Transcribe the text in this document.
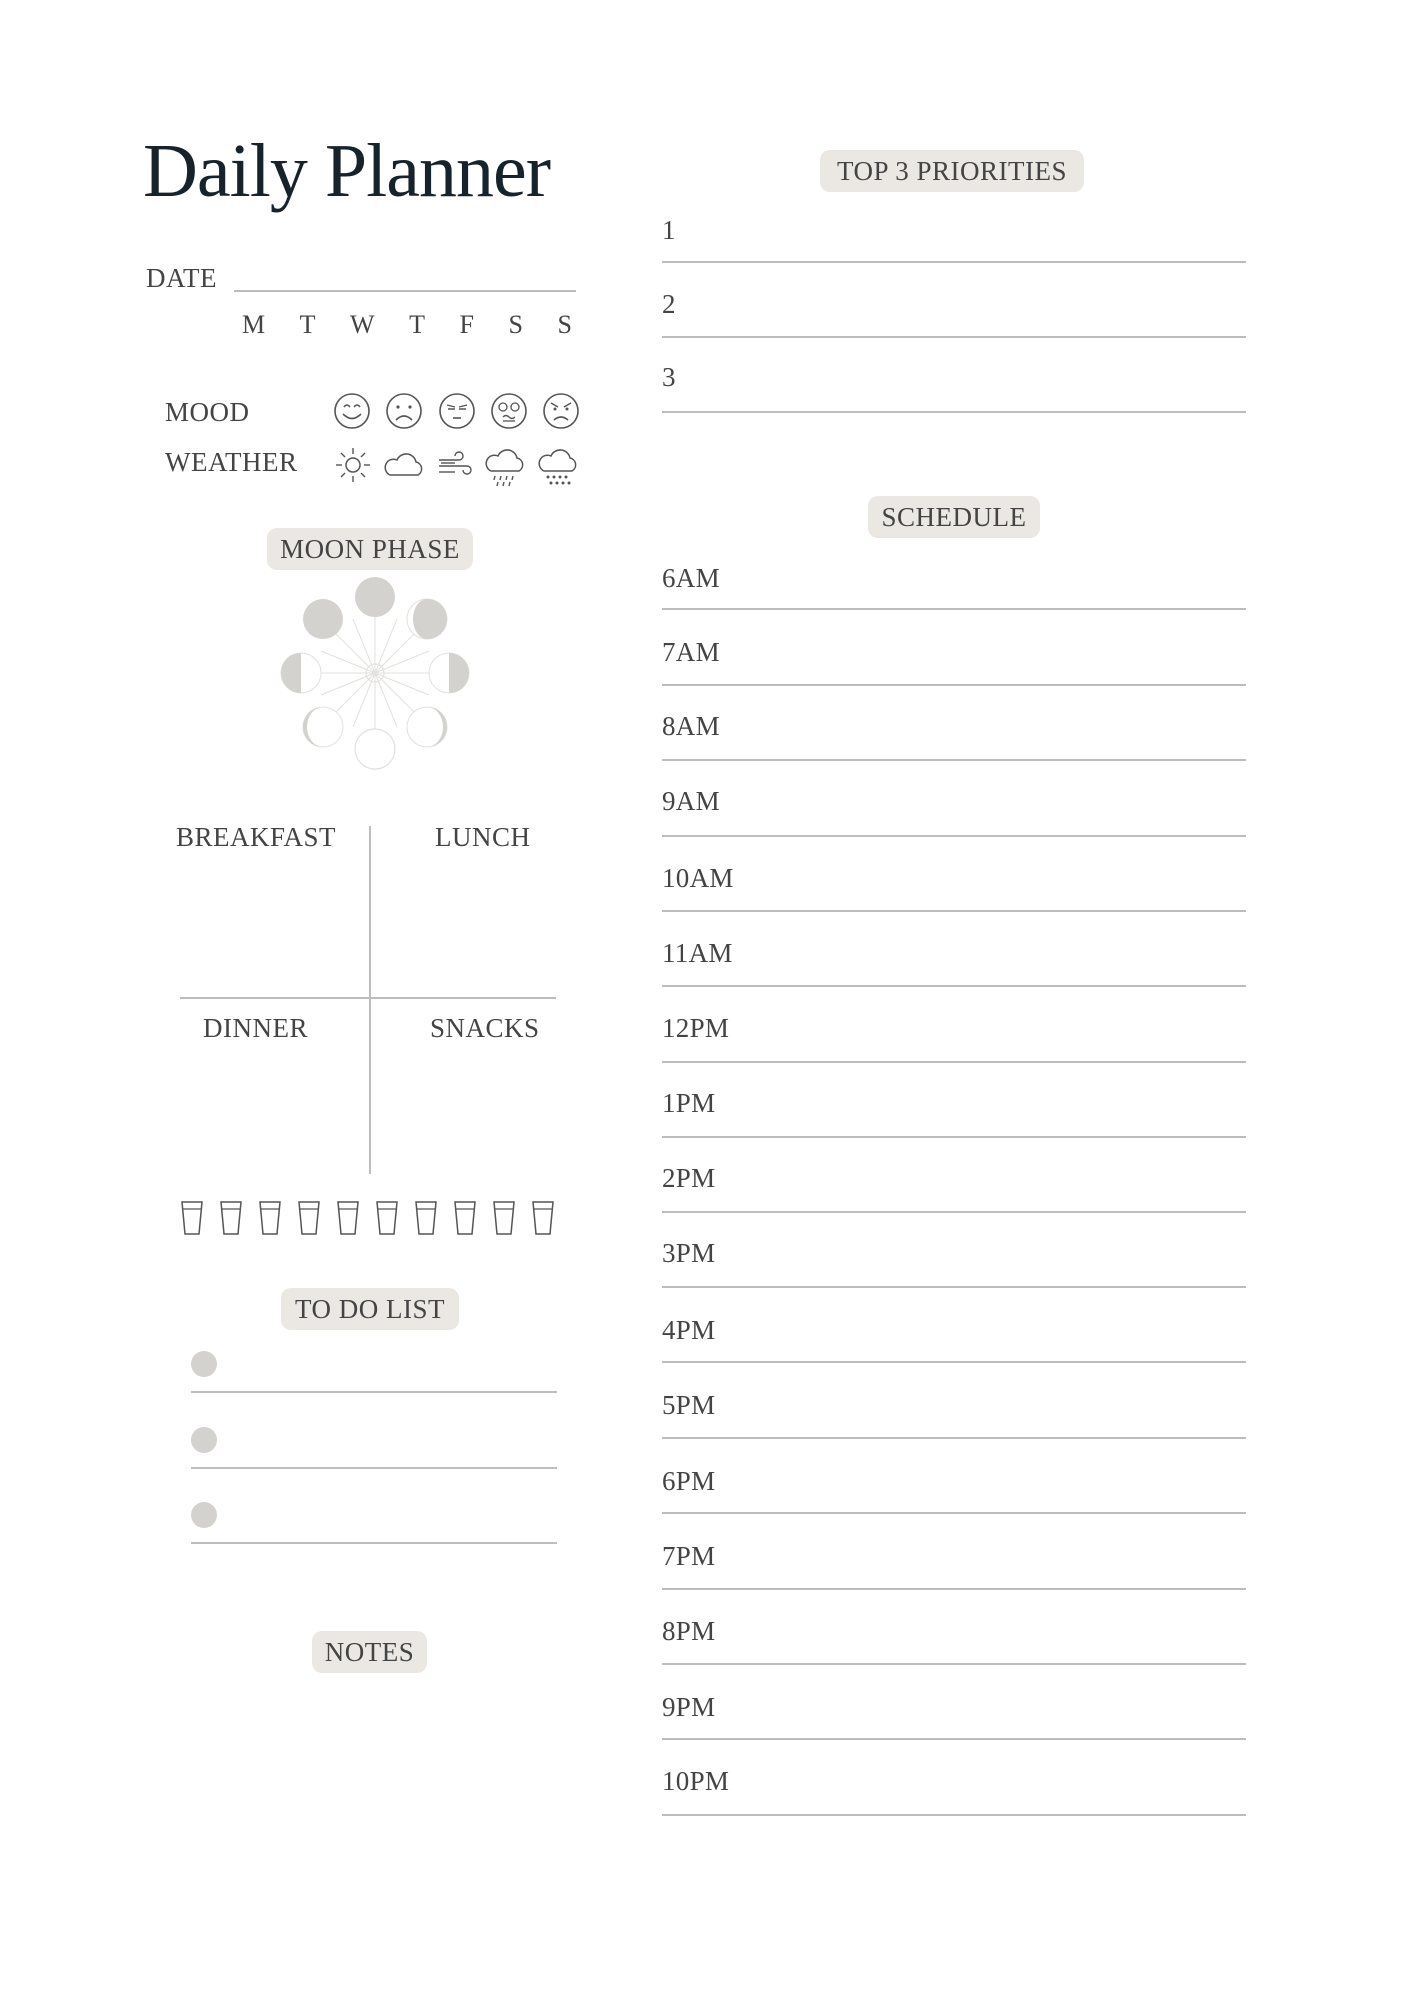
Daily Planner
DATE
M T W T F S S
MOOD
WEATHER
MOON PHASE
BREAKFAST	LUNCH
DINNER	SNACKS
TO DO LIST
NOTES
TOP 3 PRIORITIES
1
2
3
SCHEDULE
6AM
7AM
8AM
9AM
10AM
11AM
12PM
1PM
2PM
3PM
4PM
5PM
6PM
7PM
8PM
9PM
10PM
